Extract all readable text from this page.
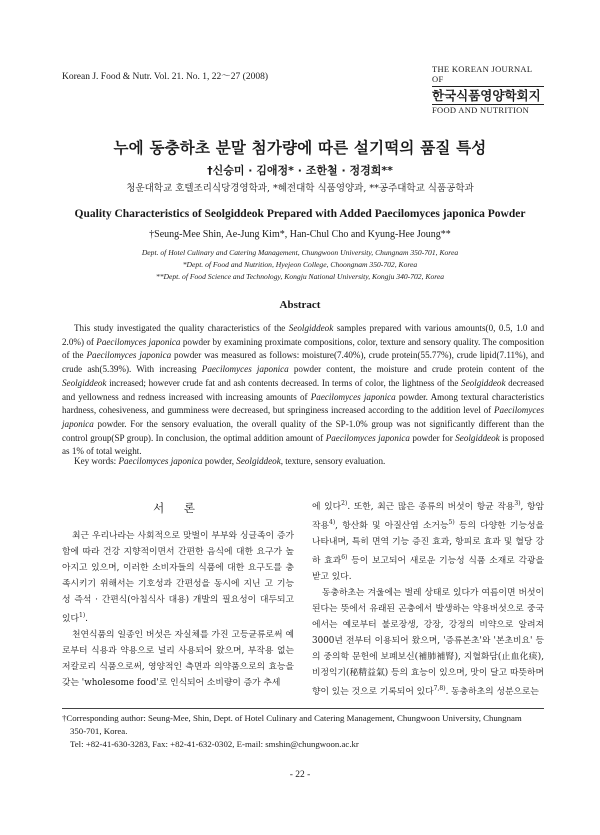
Korean J. Food & Nutr. Vol. 21. No. 1, 22～27 (2008)
THE KOREAN JOURNAL OF
한국식품영양학회지
FOOD AND NUTRITION
누에 동충하초 분말 첨가량에 따른 설기떡의 품질 특성
†신승미 · 김애정* · 조한철 · 정경희**
청운대학교 호텔조리식당경영학과, *혜전대학 식품영양과, **공주대학교 식품공학과
Quality Characteristics of Seolgiddeok Prepared with Added Paecilomyces japonica Powder
†Seung-Mee Shin, Ae-Jung Kim*, Han-Chul Cho and Kyung-Hee Joung**
Dept. of Hotel Culinary and Catering Management, Chungwoon University, Chungnam 350-701, Korea
*Dept. of Food and Nutrition, Hyejeon College, Choongnam 350-702, Korea
**Dept. of Food Science and Technology, Kongju National University, Kongju 340-702, Korea
Abstract

This study investigated the quality characteristics of the Seolgiddeok samples prepared with various amounts(0, 0.5, 1.0 and 2.0%) of Paecilomyces japonica powder by examining proximate compositions, color, texture and sensory quality. The composition of the Paecilomyces japonica powder was measured as follows: moisture(7.40%), crude protein(55.77%), crude lipid(7.11%), and crude ash(5.39%). With increasing Paecilomyces japonica powder content, the moisture and crude protein content of the Seolgiddeok increased; however crude fat and ash contents decreased. In terms of color, the lightness of the Seolgiddeok decreased and yellowness and redness increased with increasing amounts of Paecilomyces japonica powder. Among textural characteristics hardness, cohesiveness, and gumminess were decreased, but springiness increased according to the addition level of Paecilomyces japonica powder. For the sensory evaluation, the overall quality of the SP-1.0% group was not significantly different than the control group(SP group). In conclusion, the optimal addition amount of Paecilomyces japonica powder for Seolgiddeok is proposed as 1% of total weight.

Key words: Paecilomyces japonica powder, Seolgiddeok, texture, sensory evaluation.
서 론

최근 우리나라는 사회적으로 맞벌이 부부와 싱글족이 증가함에 따라 건강 지향적이면서 간편한 음식에 대한 요구가 높아지고 있으며, 이러한 소비자들의 식품에 대한 요구도를 충족시키기 위해서는 기호성과 간편성을 동시에 지닌 고 기능성 즉석 · 간편식(아침식사 대용) 개발의 필요성이 대두되고 있다$^{1)}$.

천연식품의 일종인 버섯은 자실체를 가진 고등균류로써 예로부터 식용과 약용으로 널리 사용되어 왔으며, 부작용 없는 저칼로리 식품으로써, 영양적인 측면과 의약품으로의 효능을 갖는 'wholesome food'로 인식되어 소비량이 증가 추세

에 있다$^{2)}$. 또한, 최근 많은 종류의 버섯이 항균 작용$^{3)}$, 항암작용$^{4)}$, 항산화 및 아질산염 소거능$^{5)}$ 등의 다양한 기능성을 나타내며, 특히 면역 기능 증진 효과, 항피로 효과 및 혈당 강하 효과$^{6)}$ 등이 보고되어 새로운 기능성 식품 소재로 각광을 받고 있다.

동충하초는 겨울에는 벌레 상태로 있다가 여름이면 버섯이 된다는 뜻에서 유래된 곤충에서 발생하는 약용버섯으로 중국에서는 예로부터 불로장생, 강장, 강정의 비약으로 알려져 3000년 전부터 이용되어 왔으며, '증류본초'와 '본초비요' 등의 중의학 문헌에 보폐보신(補肺補腎), 지혈화담(止血化痰), 비정익기(秘精益氣) 등의 효능이 있으며, 맛이 달고 따뜻하며 향이 있는 것으로 기록되어 있다$^{7,8)}$. 동충하초의 성분으로는

†Corresponding author: Seung-Mee, Shin, Dept. of Hotel Culinary and Catering Management, Chungwoon University, Chungnam
350-701, Korea.
Tel: +82-41-630-3283, Fax: +82-41-632-0302, E-mail: smshin@chungwoon.ac.kr
- 22 -
